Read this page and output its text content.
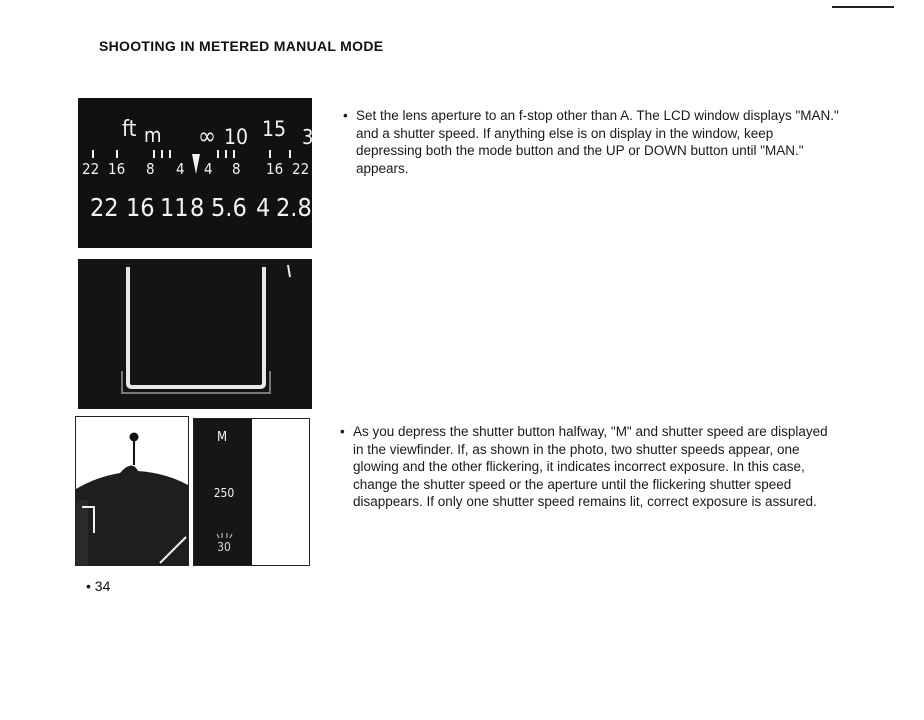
SHOOTING IN METERED MANUAL MODE
ft m ∞ 10 15 3
22 16 8 4 4 8 16 22
22 16 11 8 5.6 4 2.8
M
250
30
• Set the lens aperture to an f-stop other than A. The LCD window displays "MAN." and a shutter speed. If anything else is on display in the window, keep depressing both the mode button and the UP or DOWN button until "MAN." appears.
• As you depress the shutter button halfway, "M" and shutter speed are displayed in the viewfinder. If, as shown in the photo, two shutter speeds appear, one glowing and the other flickering, it indicates incorrect exposure. In this case, change the shutter speed or the aperture until the flickering shutter speed disappears. If only one shutter speed remains lit, correct exposure is assured.
• 34
